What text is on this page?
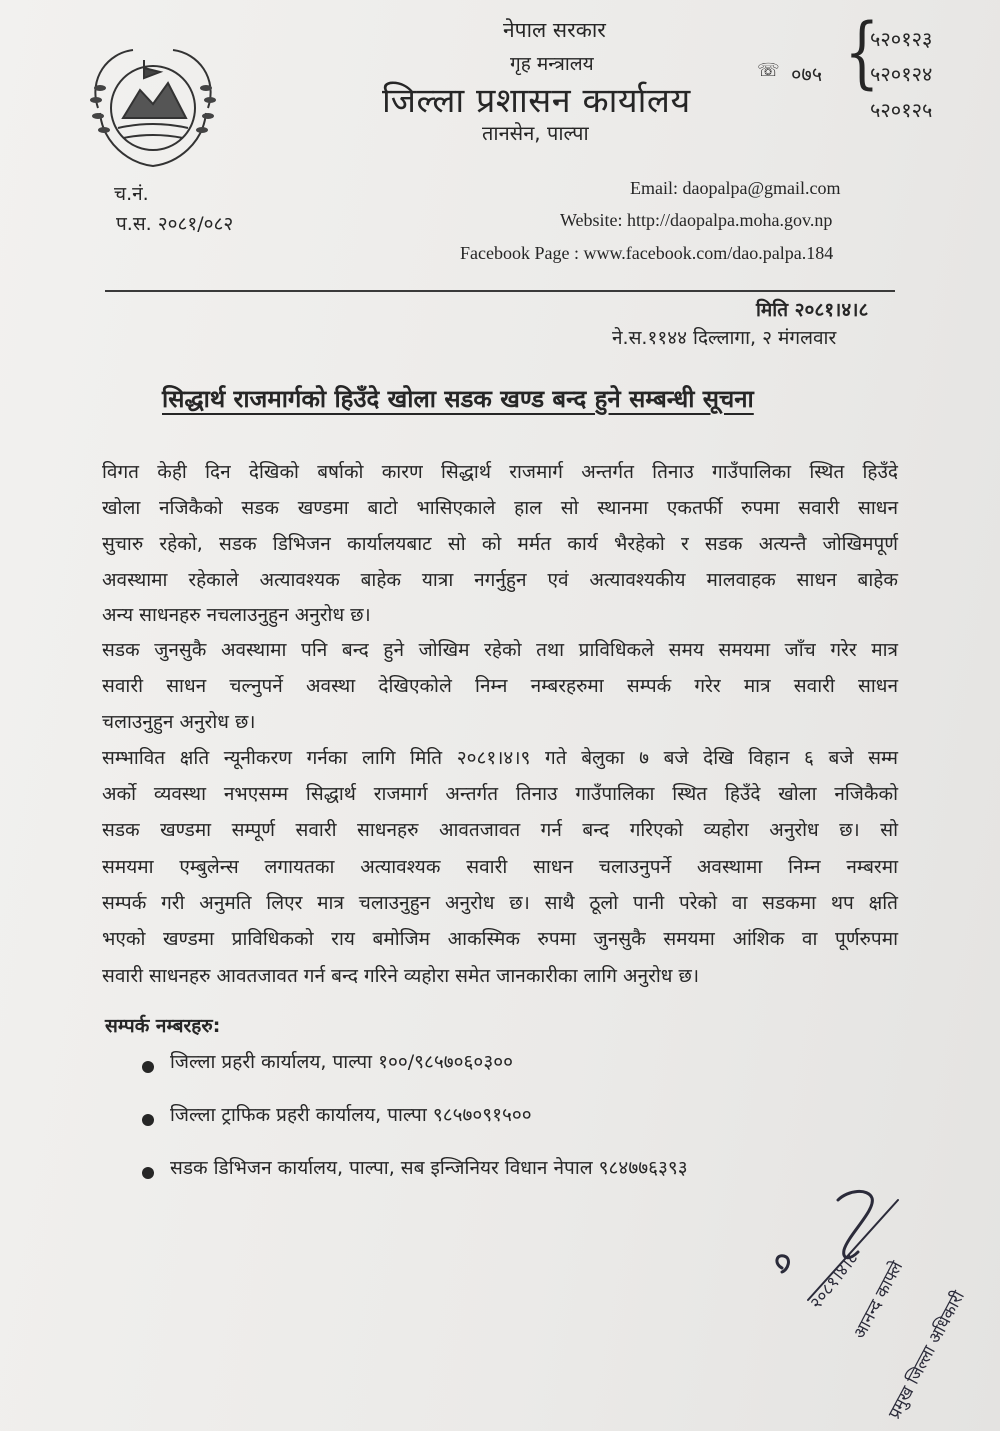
नेपाल सरकार
गृह मन्त्रालय
जिल्ला प्रशासन कार्यालय
तानसेन, पाल्पा
☏ ०७५ {
५२०१२३
५२०१२४
५२०१२५
च.नं.
प.स. २०८१/०८२
Email: daopalpa@gmail.com
Website: http://daopalpa.moha.gov.np
Facebook Page : www.facebook.com/dao.palpa.184
मिति २०८१।४।८
ने.स.११४४ दिल्लागा, २ मंगलवार
सिद्धार्थ राजमार्गको हिउँदे खोला सडक खण्ड बन्द हुने सम्बन्धी सूचना
विगत केही दिन देखिको बर्षाको कारण सिद्धार्थ राजमार्ग अन्तर्गत तिनाउ गाउँपालिका स्थित हिउँदे
खोला नजिकैको सडक खण्डमा बाटो भासिएकाले हाल सो स्थानमा एकतर्फी रुपमा सवारी साधन
सुचारु रहेको, सडक डिभिजन कार्यालयबाट सो को मर्मत कार्य भैरहेको र सडक अत्यन्तै जोखिमपूर्ण
अवस्थामा रहेकाले अत्यावश्यक बाहेक यात्रा नगर्नुहुन एवं अत्यावश्यकीय मालवाहक साधन बाहेक
अन्य साधनहरु नचलाउनुहुन अनुरोध छ।
सडक जुनसुकै अवस्थामा पनि बन्द हुने जोखिम रहेको तथा प्राविधिकले समय समयमा जाँच गरेर मात्र
सवारी साधन चल्नुपर्ने अवस्था देखिएकोले निम्न नम्बरहरुमा सम्पर्क गरेर मात्र सवारी साधन
चलाउनुहुन अनुरोध छ।
सम्भावित क्षति न्यूनीकरण गर्नका लागि मिति २०८१।४।९ गते बेलुका ७ बजे देखि विहान ६ बजे सम्म
अर्को व्यवस्था नभएसम्म सिद्धार्थ राजमार्ग अन्तर्गत तिनाउ गाउँपालिका स्थित हिउँदे खोला नजिकैको
सडक खण्डमा सम्पूर्ण सवारी साधनहरु आवतजावत गर्न बन्द गरिएको व्यहोरा अनुरोध छ। सो
समयमा एम्बुलेन्स लगायतका अत्यावश्यक सवारी साधन चलाउनुपर्ने अवस्थामा निम्न नम्बरमा
सम्पर्क गरी अनुमति लिएर मात्र चलाउनुहुन अनुरोध छ। साथै ठूलो पानी परेको वा सडकमा थप क्षति
भएको खण्डमा प्राविधिकको राय बमोजिम आकस्मिक रुपमा जुनसुकै समयमा आंशिक वा पूर्णरुपमा
सवारी साधनहरु आवतजावत गर्न बन्द गरिने व्यहोरा समेत जानकारीका लागि अनुरोध छ।
सम्पर्क नम्बरहरु:
जिल्ला प्रहरी कार्यालय, पाल्पा १००/९८५७०६०३००
जिल्ला ट्राफिक प्रहरी कार्यालय, पाल्पा ९८५७०९१५००
सडक डिभिजन कार्यालय, पाल्पा, सब इन्जिनियर विधान नेपाल ९८४७७६३९३
२०८१।४।८
आनन्द काफ्ले
प्रमुख जिल्ला अधिकारी
